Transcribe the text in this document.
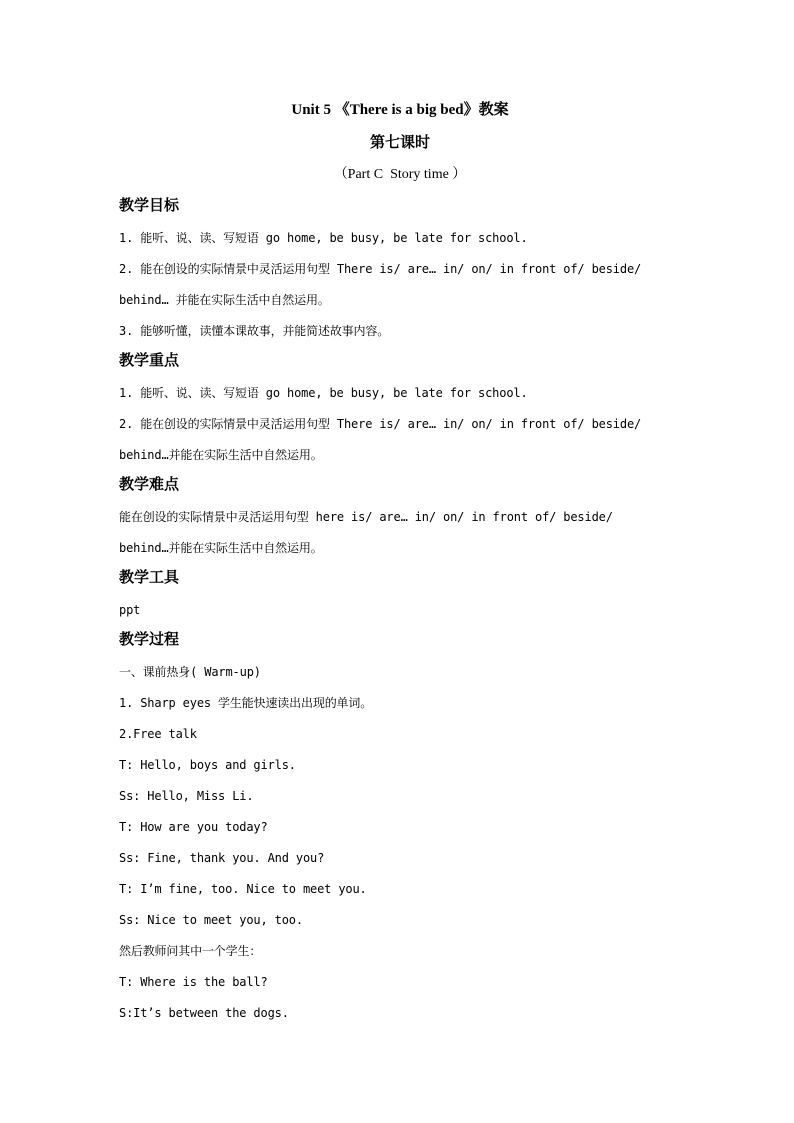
Unit 5 《There is a big bed》教案
第七课时
（Part C  Story time ）
教学目标
1. 能听、说、读、写短语 go home, be busy, be late for school.
2. 能在创设的实际情景中灵活运用句型 There is/ are… in/ on/ in front of/ beside/
behind… 并能在实际生活中自然运用。
3. 能够听懂，读懂本课故事，并能简述故事内容。
教学重点
1. 能听、说、读、写短语 go home, be busy, be late for school.
2. 能在创设的实际情景中灵活运用句型 There is/ are… in/ on/ in front of/ beside/
behind…并能在实际生活中自然运用。
教学难点
能在创设的实际情景中灵活运用句型 here is/ are… in/ on/ in front of/ beside/
behind…并能在实际生活中自然运用。
教学工具
ppt
教学过程
一、课前热身( Warm-up)
1. Sharp eyes 学生能快速读出出现的单词。
2.Free talk
T: Hello, boys and girls.
Ss: Hello, Miss Li.
T: How are you today?
Ss: Fine, thank you. And you?
T: I’m fine, too. Nice to meet you.
Ss: Nice to meet you, too.
然后教师问其中一个学生：
T: Where is the ball?
S:It’s between the dogs.
